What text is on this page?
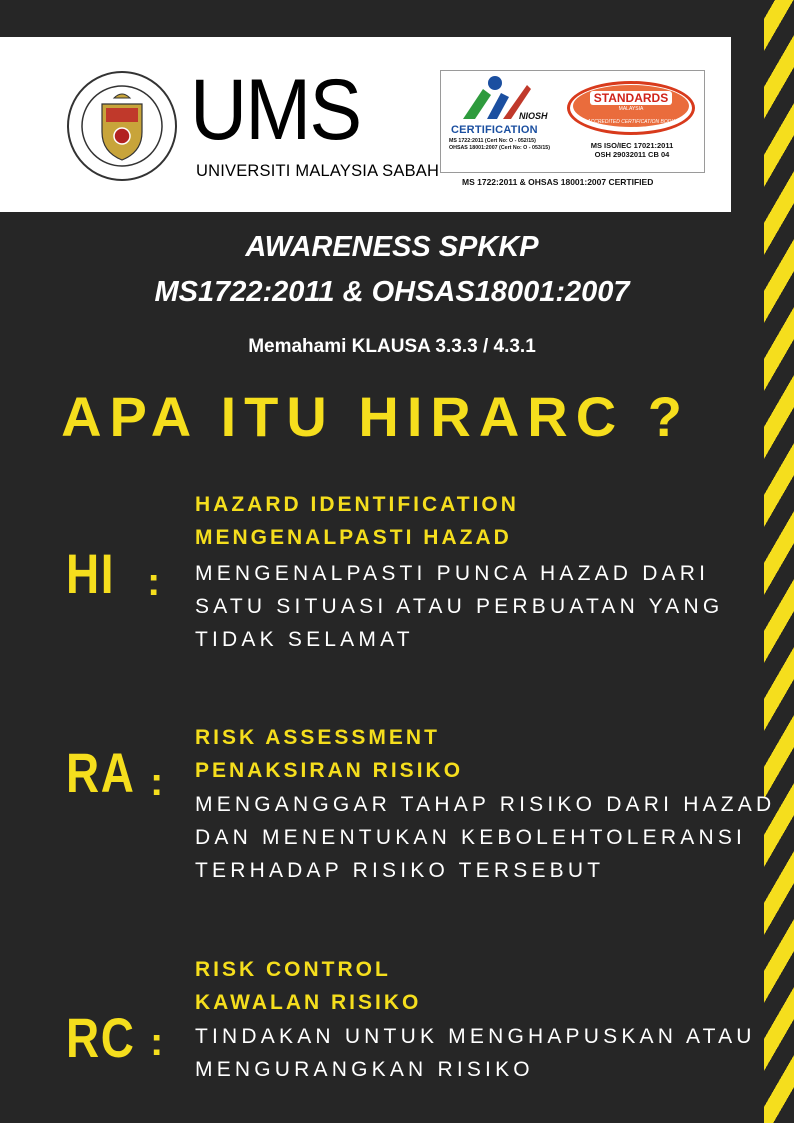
UMS
UNIVERSITI MALAYSIA SABAH
NIOSH
CERTIFICATION
MS 1722:2011 (Cert No: O - 052/15)
OHSAS 18001:2007 (Cert No: O - 053/15)
STANDARDS
MALAYSIA
ACCREDITED CERTIFICATION BODY
MS ISO/IEC 17021:2011
OSH 29032011 CB 04
MS 1722:2011 & OHSAS 18001:2007 CERTIFIED
AWARENESS SPKKP
MS1722:2011 & OHSAS18001:2007
Memahami KLAUSA 3.3.3 / 4.3.1
APA ITU HIRARC ?
HI :
HAZARD IDENTIFICATION
MENGENALPASTI HAZAD
MENGENALPASTI PUNCA HAZAD DARI
SATU SITUASI ATAU PERBUATAN YANG
TIDAK SELAMAT
RA :
RISK ASSESSMENT
PENAKSIRAN RISIKO
MENGANGGAR TAHAP RISIKO DARI HAZAD
DAN MENENTUKAN KEBOLEHTOLERANSI
TERHADAP RISIKO TERSEBUT
RC :
RISK CONTROL
KAWALAN RISIKO
TINDAKAN UNTUK MENGHAPUSKAN ATAU
MENGURANGKAN RISIKO
